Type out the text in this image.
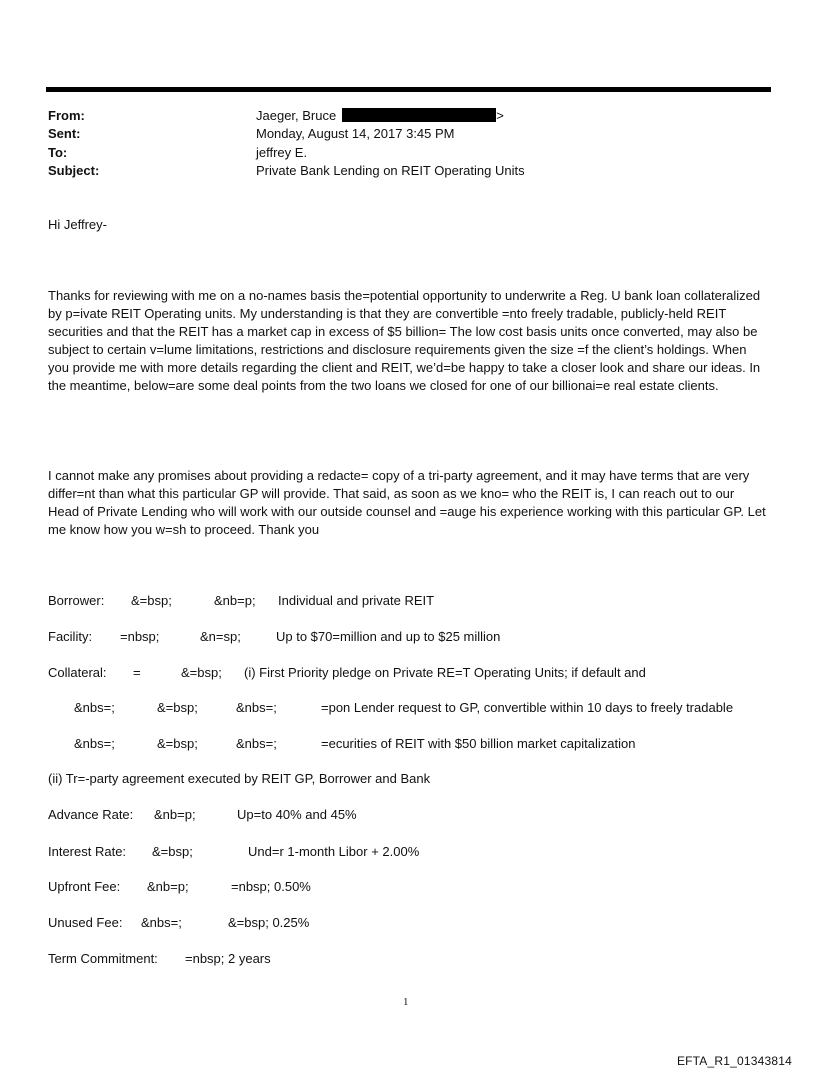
From:	Jaeger, Bruce	>
Sent:	Monday, August 14, 2017 3:45 PM
To:	jeffrey E.
Subject:	Private Bank Lending on REIT Operating Units
Hi Jeffrey-
Thanks for reviewing with me on a no-names basis the=potential opportunity to underwrite a Reg. U bank loan collateralized by p=ivate REIT Operating units. My understanding is that they are convertible =nto freely tradable, publicly-held REIT securities and that the REIT has a market cap in excess of $5 billion= The low cost basis units once converted, may also be subject to certain v=lume limitations, restrictions and disclosure requirements given the size =f the client’s holdings. When you provide me with more details regarding the client and REIT, we’d=be happy to take a closer look and share our ideas. In the meantime, below=are some deal points from the two loans we closed for one of our billionai=e real estate clients.
I cannot make any promises about providing a redacte= copy of a tri-party agreement, and it may have terms that are very differ=nt than what this particular GP will provide. That said, as soon as we kno= who the REIT is, I can reach out to our Head of Private Lending who will work with our outside counsel and =auge his experience working with this particular GP. Let me know how you w=sh to proceed. Thank you
Borrower: &=bsp;	&nb=p; Individual and private REIT
Facility: =nbsp;	&n=sp;	Up to $70=million and up to $25 million
Collateral: =	&=bsp; (i) First Priority pledge on Private RE=T Operating Units; if default and
&nbs=;	&=bsp;	&nbs=;	=pon Lender request to GP, convertible within 10 days to freely tradable
&nbs=;	&=bsp;	&nbs=;	=ecurities of REIT with $50 billion market capitalization
(ii) Tr=-party agreement executed by REIT GP, Borrower and Bank
Advance Rate: &nb=p;	Up=to 40% and 45%
Interest Rate: &=bsp;	Und=r 1-month Libor + 2.00%
Upfront Fee: &nb=p;	=nbsp; 0.50%
Unused Fee: &nbs=;	&=bsp; 0.25%
Term Commitment: =nbsp; 2 years
1
EFTA_R1_01343814
